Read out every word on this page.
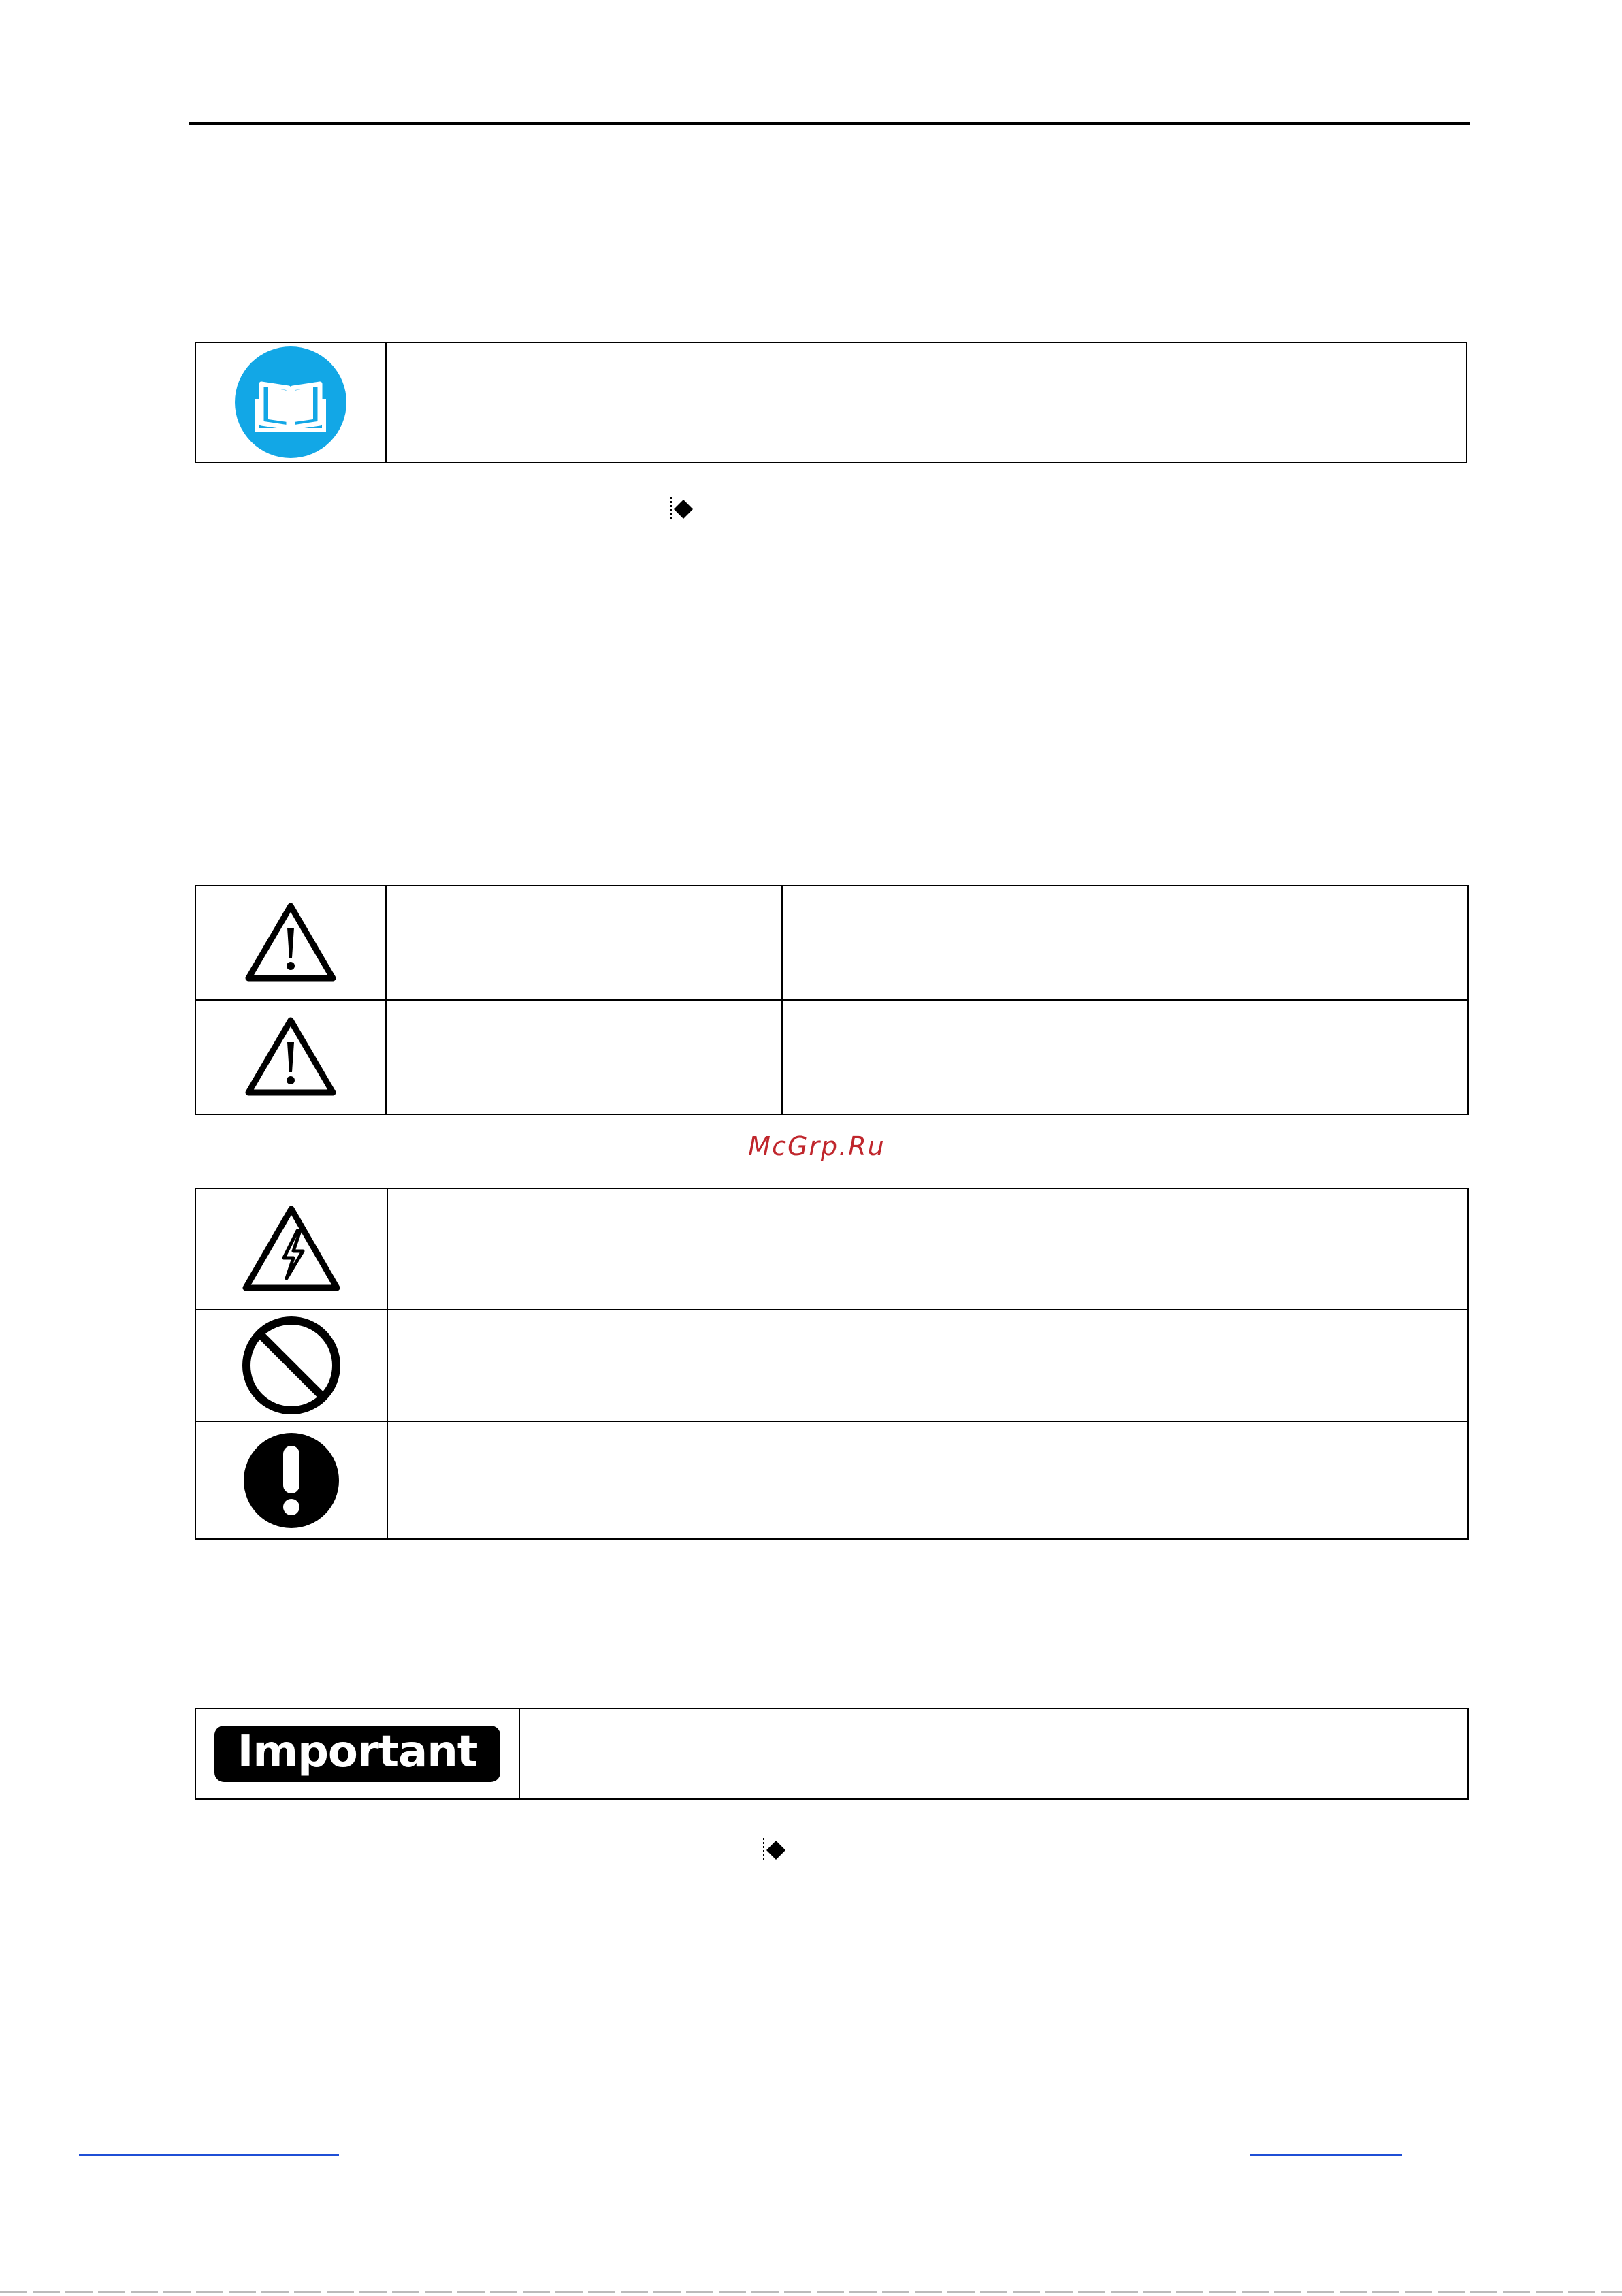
McGrp.Ru

Important	
